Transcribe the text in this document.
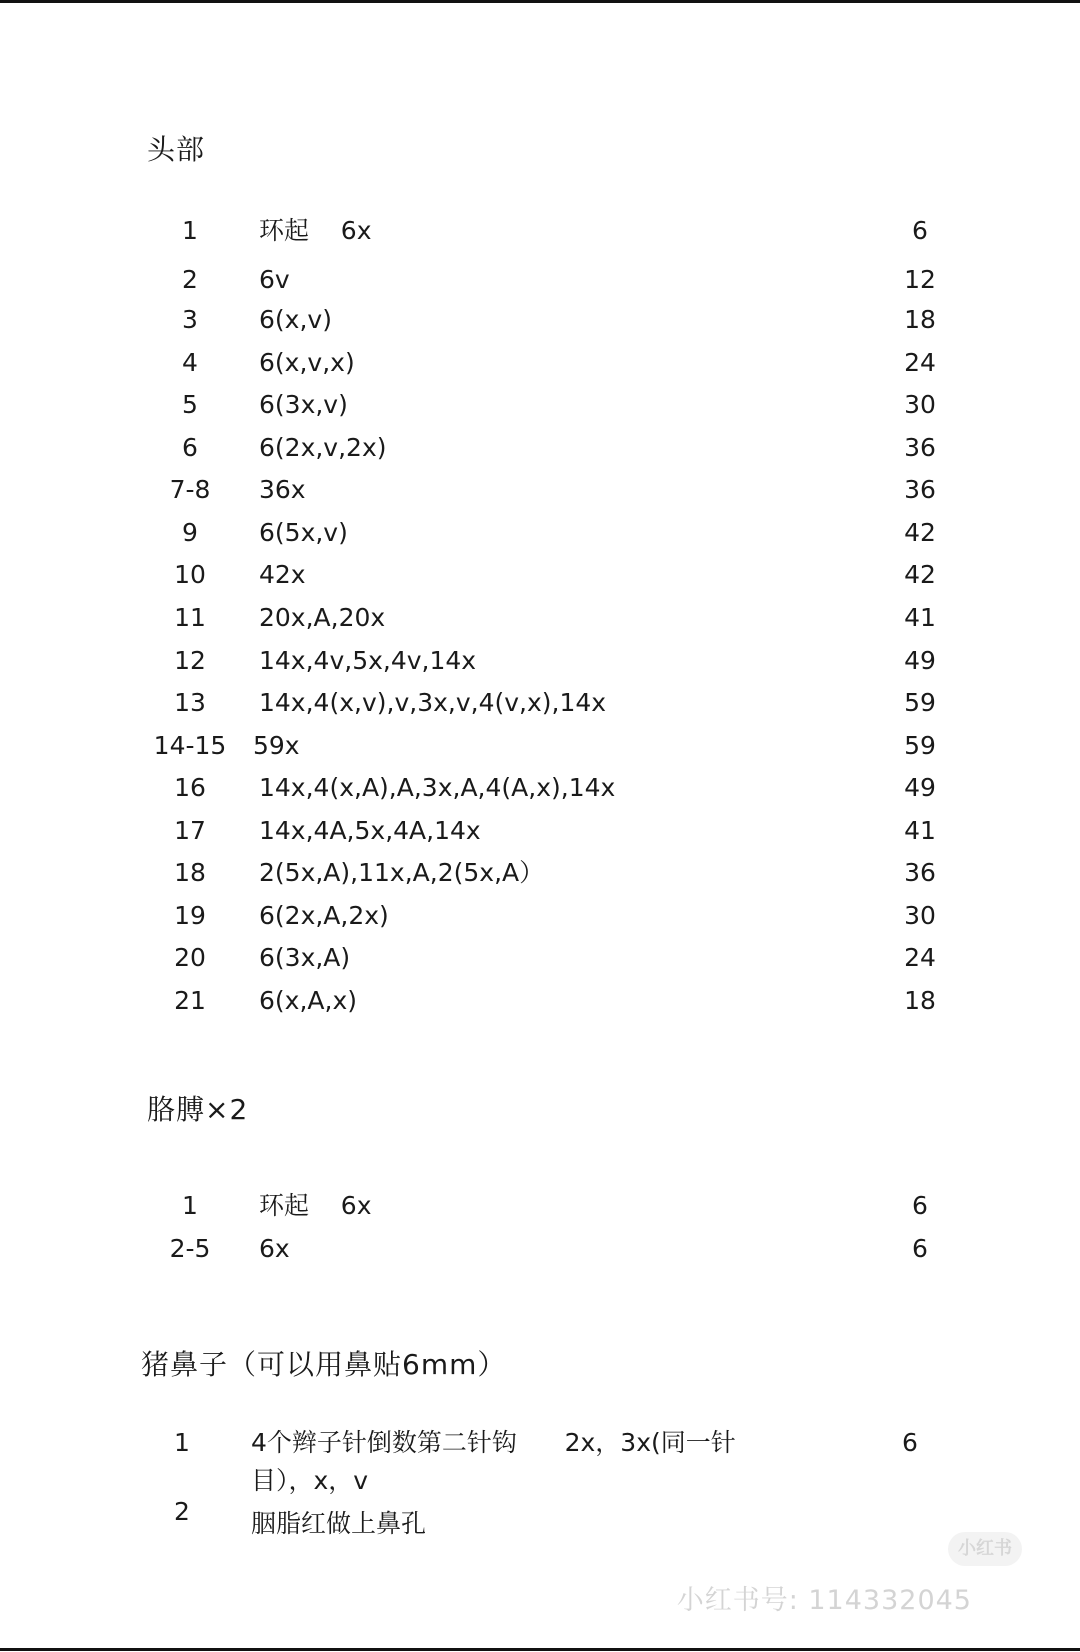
头部
1	环起    6x	6
2	6v	12
3	6(x,v)	18
4	6(x,v,x)	24
5	6(3x,v)	30
6	6(2x,v,2x)	36
7-8	36x	36
9	6(5x,v)	42
10	42x	42
11	20x,A,20x	41
12	14x,4v,5x,4v,14x	49
13	14x,4(x,v),v,3x,v,4(v,x),14x	59
14-15	59x	59
16	14x,4(x,A),A,3x,A,4(A,x),14x	49
17	14x,4A,5x,4A,14x	41
18	2(5x,A),11x,A,2(5x,A）	36
19	6(2x,A,2x)	30
20	6(3x,A)	24
21	6(x,A,x)	18
胳膊×2
1	环起    6x	6
2-5	6x	6
猪鼻子（可以用鼻贴6mm）
1	4个辫子针倒数第二针钩      2x，3x(同一针	6
目），x，v
2	胭脂红做上鼻孔
小红书
小红书号: 114332045
